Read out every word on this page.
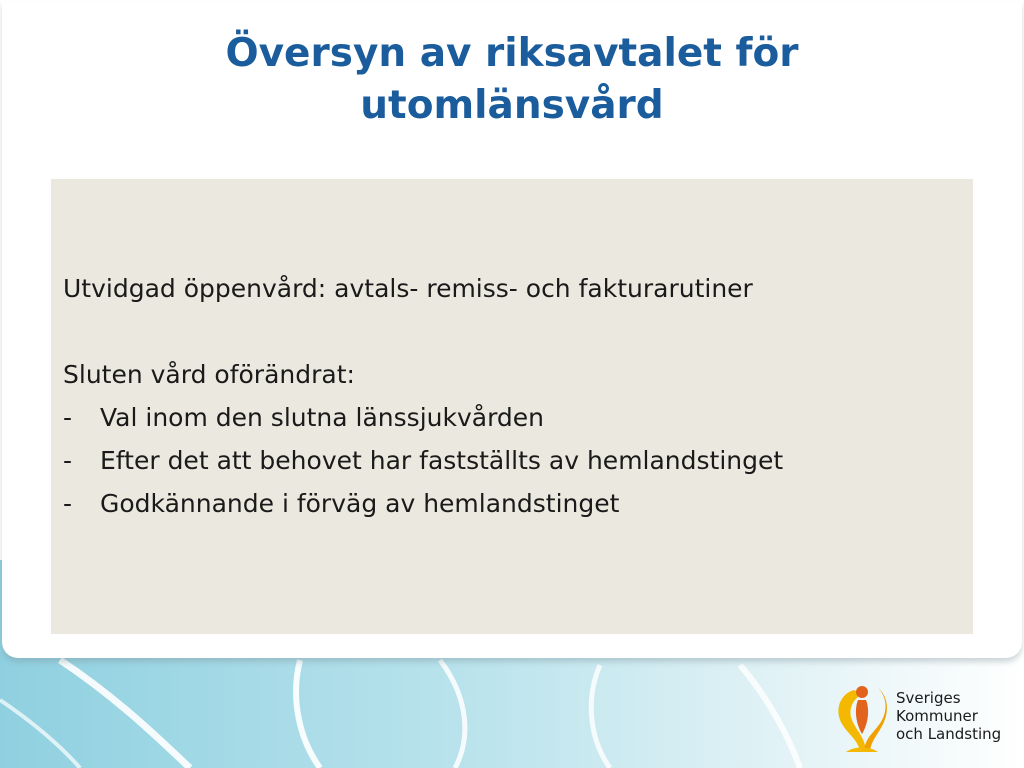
Översyn av riksavtalet för
utomlänsvård

Utvidgad öppenvård: avtals- remiss- och fakturarutiner

Sluten vård oförändrat:

-	Val inom den slutna länssjukvården
-	Efter det att behovet har fastställts av hemlandstinget
-	Godkännande i förväg av hemlandstinget
Sveriges
Kommuner
och Landsting
